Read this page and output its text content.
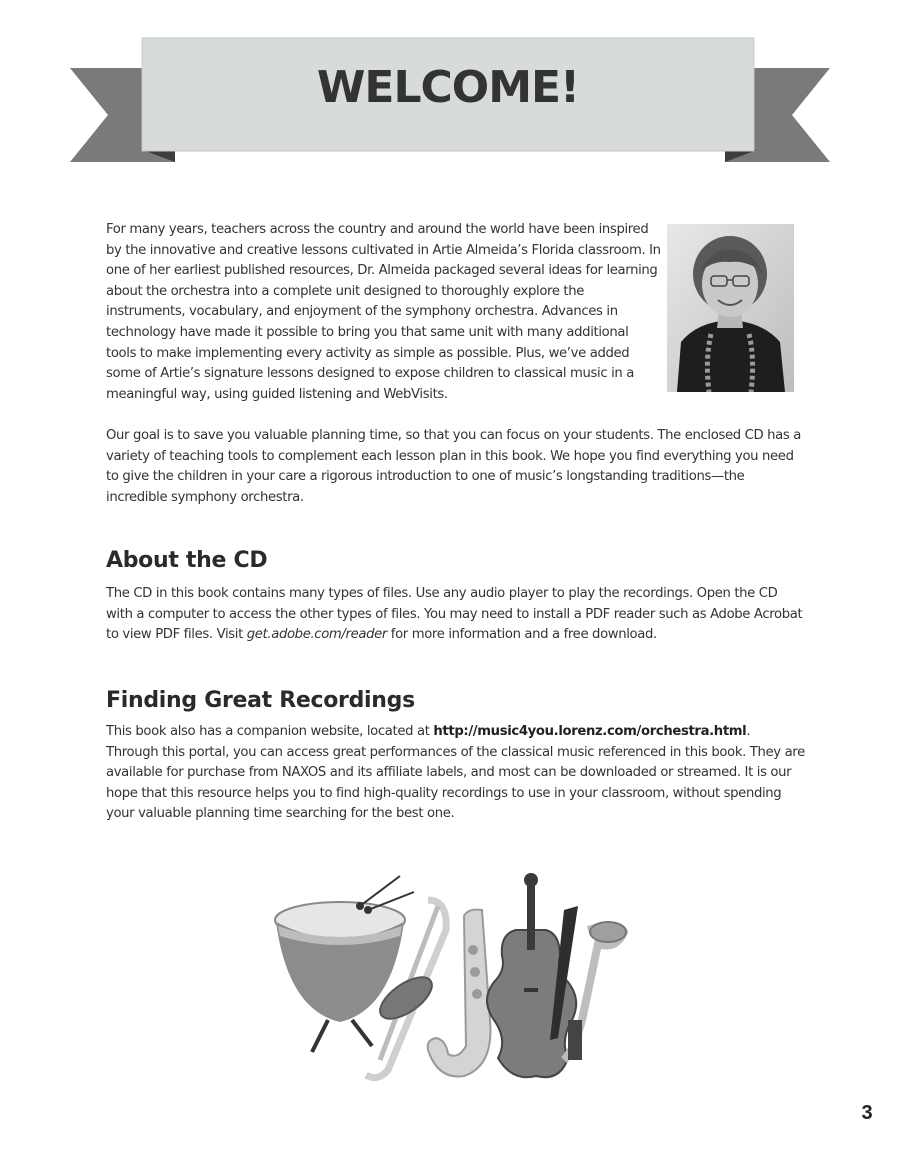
WELCOME!

For many years, teachers across the country and around the world have been inspired by the innovative and creative lessons cultivated in Artie Almeida’s Florida classroom. In one of her earliest published resources, Dr. Almeida packaged several ideas for learning about the orchestra into a complete unit designed to thoroughly explore the instruments, vocabulary, and enjoyment of the symphony orchestra. Advances in technology have made it possible to bring you that same unit with many additional tools to make implementing every activity as simple as possible. Plus, we’ve added some of Artie’s signature lessons designed to expose children to classical music in a meaningful way, using guided listening and WebVisits.

Our goal is to save you valuable planning time, so that you can focus on your students. The enclosed CD has a variety of teaching tools to complement each lesson plan in this book. We hope you find everything you need to give the children in your care a rigorous introduction to one of music’s longstanding traditions—the incredible symphony orchestra.

About the CD

The CD in this book contains many types of files. Use any audio player to play the recordings. Open the CD with a computer to access the other types of files. You may need to install a PDF reader such as Adobe Acrobat to view PDF files. Visit get.adobe.com/reader for more information and a free download.

Finding Great Recordings

This book also has a companion website, located at http://music4you.lorenz.com/orchestra.html. Through this portal, you can access great performances of the classical music referenced in this book. They are available for purchase from NAXOS and its affiliate labels, and most can be downloaded or streamed. It is our hope that this resource helps you to find high-quality recordings to use in your classroom, without spending your valuable planning time searching for the best one.

3
